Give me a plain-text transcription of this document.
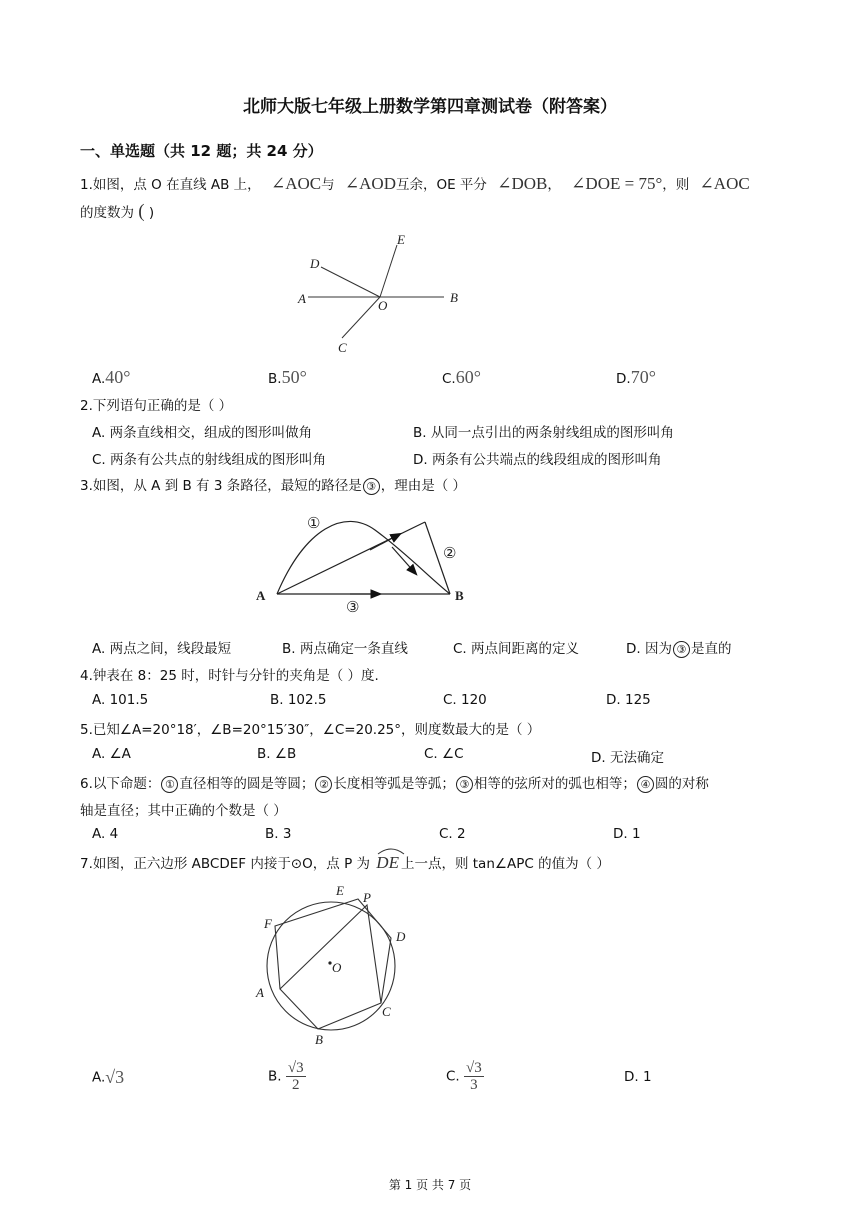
北师大版七年级上册数学第四章测试卷（附答案）
一、单选题（共 12 题；共 24 分）
1.如图，点 O 在直线 AB 上， ∠AOC与 ∠AOD互余，OE 平分 ∠DOB， ∠DOE = 75°，则 ∠AOC
的度数为 ( )
D
E
A	O
B
C
A.40°	B.50°	C.60°	D.70°
2.下列语句正确的是（ ）
A. 两条直线相交，组成的图形叫做角	B. 从同一点引出的两条射线组成的图形叫角
C. 两条有公共点的射线组成的图形叫角	D. 两条有公共端点的线段组成的图形叫角
3.如图，从 A 到 B 有 3 条路径，最短的路径是 ③ ，理由是（ ）
①
②
③
A	B
A. 两点之间，线段最短	B. 两点确定一条直线	C. 两点间距离的定义	D. 因为 ③ 是直的
4.钟表在 8：25 时，时针与分针的夹角是（ ）度.
A. 101.5	B. 102.5	C. 120	D. 125
5.已知∠A=20°18′，∠B=20°15′30″，∠C=20.25°，则度数最大的是（ ）
A. ∠A	B. ∠B	C. ∠C	D. 无法确定
6.以下命题： ① 直径相等的圆是等圆； ② 长度相等弧是等弧； ③ 相等的弦所对的弧也相等； ④ 圆的对称
轴是直径；其中正确的个数是（ ）
A. 4	B. 3	C. 2	D. 1
7.如图，正六边形 ABCDEF 内接于⊙O，点 P 为 DE 上一点，则 tan∠APC 的值为（ ）
E P
F
D
O
A
C
B
A.√3	B. $\frac{√3}{2}$	C. $\frac{√3}{3}$	D. 1
第 1 页 共 7 页
